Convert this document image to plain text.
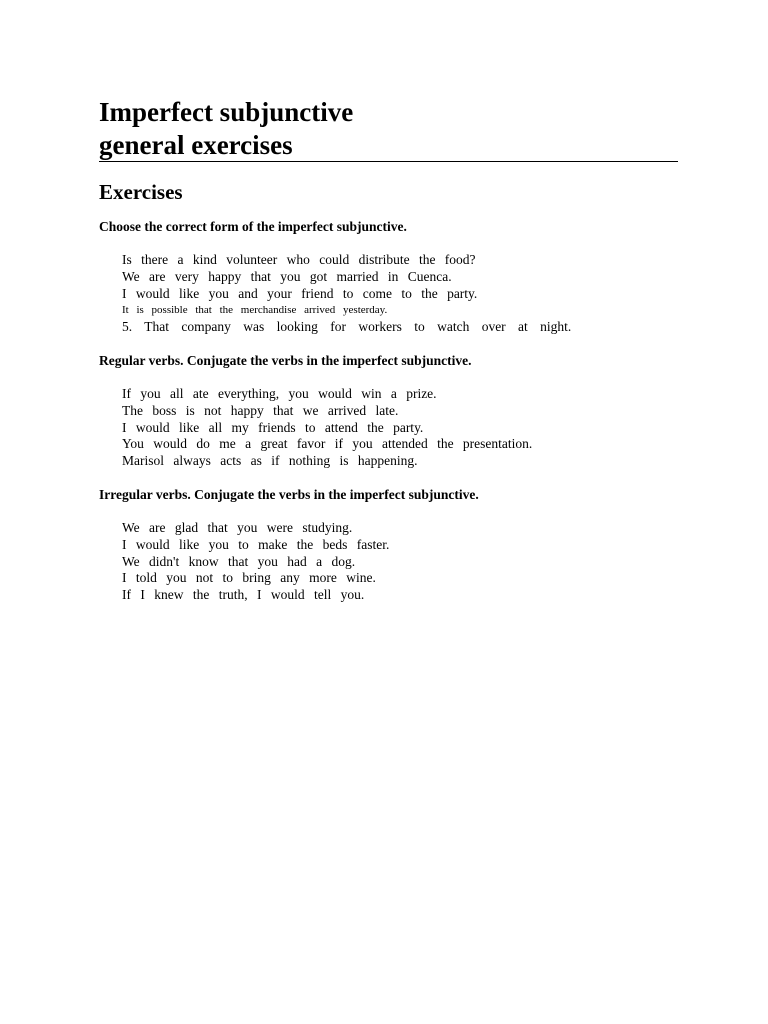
Imperfect subjunctive
general exercises
Exercises

Choose the correct form of the imperfect subjunctive.

Is there a kind volunteer who could distribute the food?
We are very happy that you got married in Cuenca.
I would like you and your friend to come to the party.
It is possible that the merchandise arrived yesterday.
5. That company was looking for workers to watch over at night.

Regular verbs. Conjugate the verbs in the imperfect subjunctive.

If you all ate everything, you would win a prize.
The boss is not happy that we arrived late.
I would like all my friends to attend the party.
You would do me a great favor if you attended the presentation.
Marisol always acts as if nothing is happening.

Irregular verbs. Conjugate the verbs in the imperfect subjunctive.

We are glad that you were studying.
I would like you to make the beds faster.
We didn't know that you had a dog.
I told you not to bring any more wine.
If I knew the truth, I would tell you.
